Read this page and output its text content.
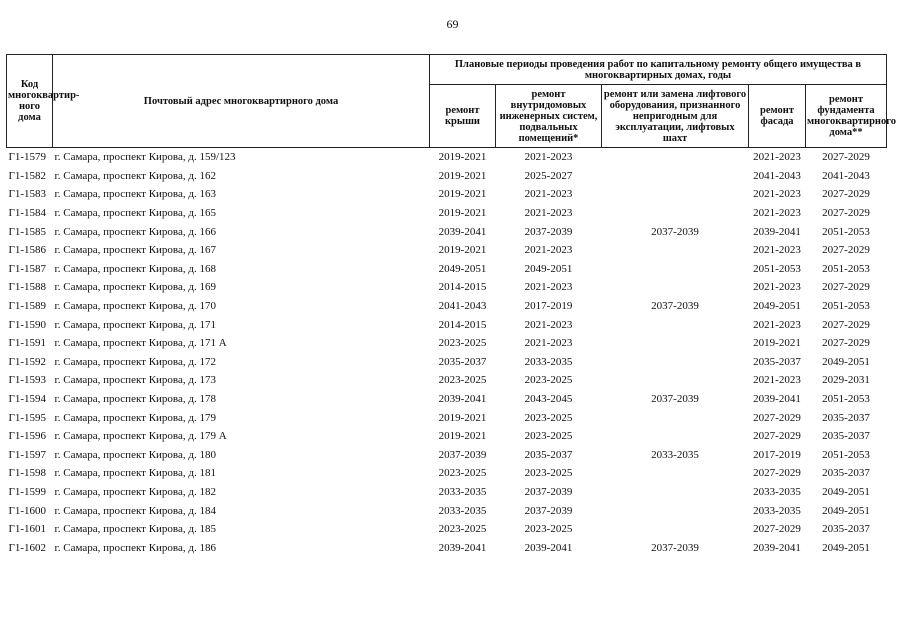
69
Код многоквартир-ного дома	Почтовый адрес многоквартирного дома	Плановые периоды проведения работ по капитальному ремонту общего имущества в многоквартирных домах, годы				
		ремонт крыши	ремонт внутридомовых инженерных систем, подвальных помещений*	ремонт или замена лифтового оборудования, признанного непригодным для эксплуатации, лифтовых шахт	ремонт фасада	ремонт фундамента многоквартирного дома**
Г1-1579	г. Самара, проспект Кирова, д. 159/123	2019-2021	2021-2023		2021-2023	2027-2029
Г1-1582	г. Самара, проспект Кирова, д. 162	2019-2021	2025-2027		2041-2043	2041-2043
Г1-1583	г. Самара, проспект Кирова, д. 163	2019-2021	2021-2023		2021-2023	2027-2029
Г1-1584	г. Самара, проспект Кирова, д. 165	2019-2021	2021-2023		2021-2023	2027-2029
Г1-1585	г. Самара, проспект Кирова, д. 166	2039-2041	2037-2039	2037-2039	2039-2041	2051-2053
Г1-1586	г. Самара, проспект Кирова, д. 167	2019-2021	2021-2023		2021-2023	2027-2029
Г1-1587	г. Самара, проспект Кирова, д. 168	2049-2051	2049-2051		2051-2053	2051-2053
Г1-1588	г. Самара, проспект Кирова, д. 169	2014-2015	2021-2023		2021-2023	2027-2029
Г1-1589	г. Самара, проспект Кирова, д. 170	2041-2043	2017-2019	2037-2039	2049-2051	2051-2053
Г1-1590	г. Самара, проспект Кирова, д. 171	2014-2015	2021-2023		2021-2023	2027-2029
Г1-1591	г. Самара, проспект Кирова, д. 171 А	2023-2025	2021-2023		2019-2021	2027-2029
Г1-1592	г. Самара, проспект Кирова, д. 172	2035-2037	2033-2035		2035-2037	2049-2051
Г1-1593	г. Самара, проспект Кирова, д. 173	2023-2025	2023-2025		2021-2023	2029-2031
Г1-1594	г. Самара, проспект Кирова, д. 178	2039-2041	2043-2045	2037-2039	2039-2041	2051-2053
Г1-1595	г. Самара, проспект Кирова, д. 179	2019-2021	2023-2025		2027-2029	2035-2037
Г1-1596	г. Самара, проспект Кирова, д. 179 А	2019-2021	2023-2025		2027-2029	2035-2037
Г1-1597	г. Самара, проспект Кирова, д. 180	2037-2039	2035-2037	2033-2035	2017-2019	2051-2053
Г1-1598	г. Самара, проспект Кирова, д. 181	2023-2025	2023-2025		2027-2029	2035-2037
Г1-1599	г. Самара, проспект Кирова, д. 182	2033-2035	2037-2039		2033-2035	2049-2051
Г1-1600	г. Самара, проспект Кирова, д. 184	2033-2035	2037-2039		2033-2035	2049-2051
Г1-1601	г. Самара, проспект Кирова, д. 185	2023-2025	2023-2025		2027-2029	2035-2037
Г1-1602	г. Самара, проспект Кирова, д. 186	2039-2041	2039-2041	2037-2039	2039-2041	2049-2051
